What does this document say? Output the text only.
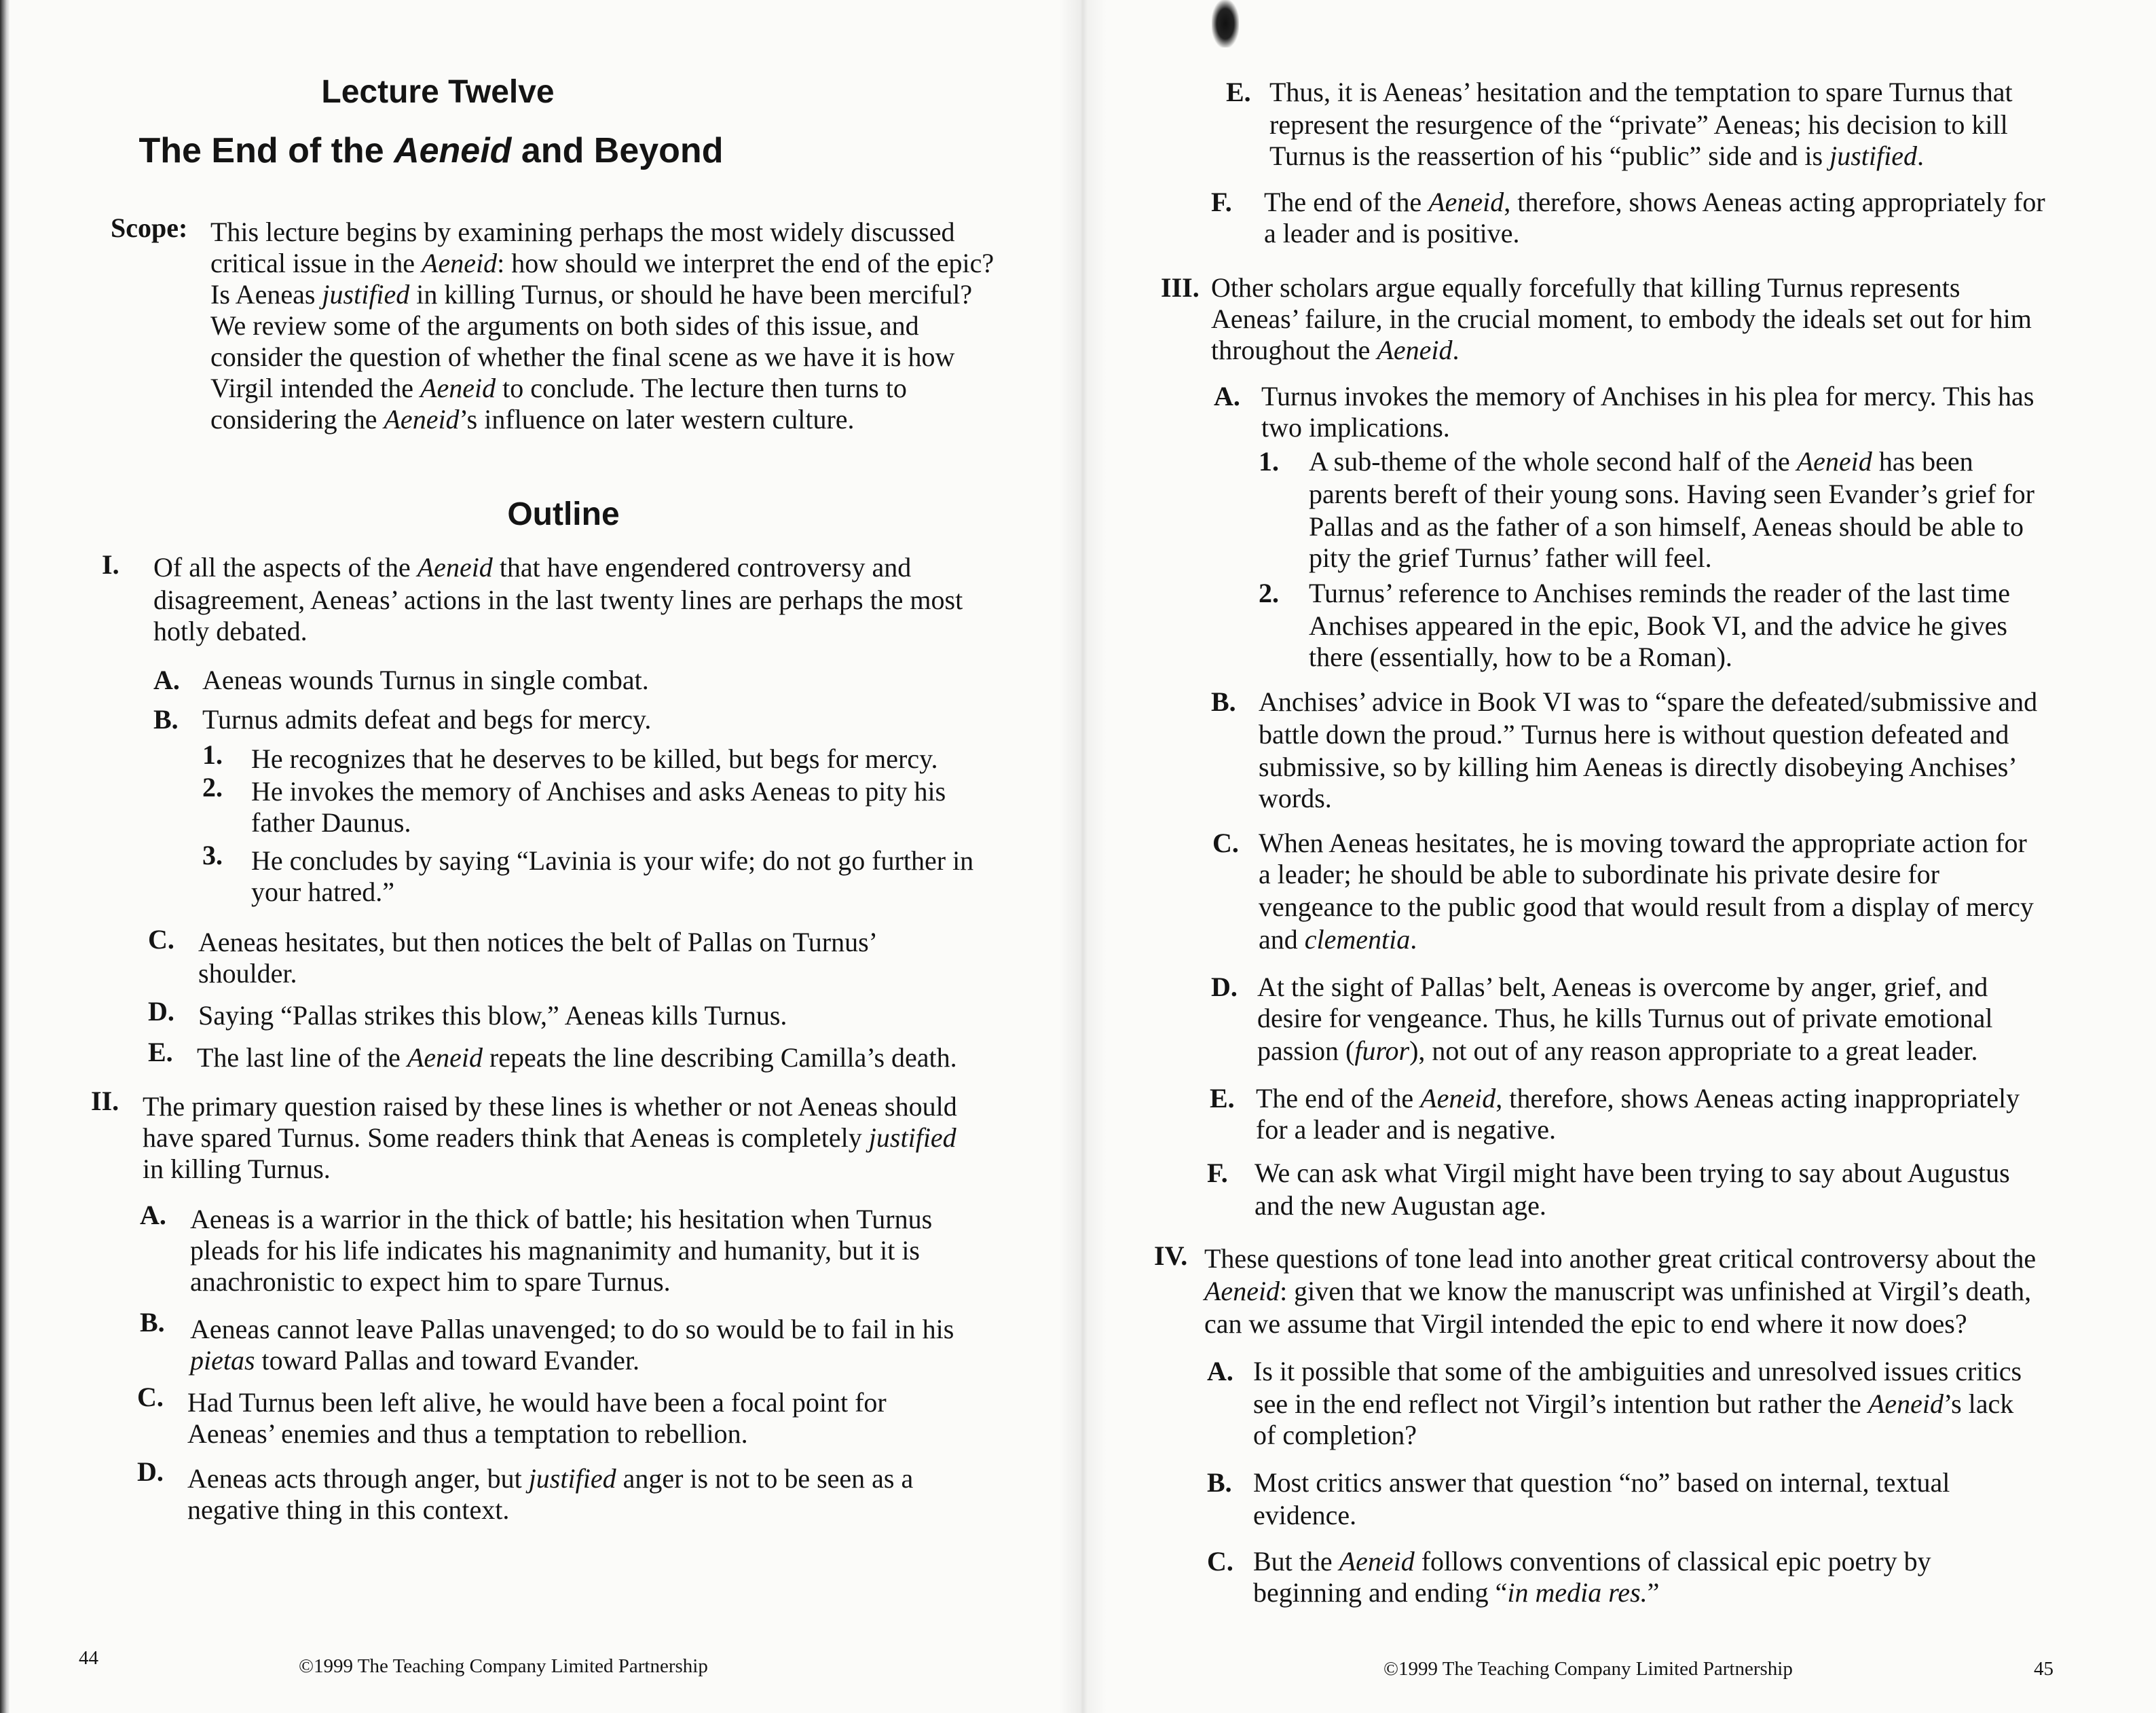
Lecture Twelve
The End of the Aeneid and Beyond
Scope: This lecture begins by examining perhaps the most widely discussed
critical issue in the Aeneid: how should we interpret the end of the epic?
Is Aeneas justified in killing Turnus, or should he have been merciful?
We review some of the arguments on both sides of this issue, and
consider the question of whether the final scene as we have it is how
Virgil intended the Aeneid to conclude. The lecture then turns to
considering the Aeneid’s influence on later western culture.
Outline
I. Of all the aspects of the Aeneid that have engendered controversy and
disagreement, Aeneas’ actions in the last twenty lines are perhaps the most
hotly debated.
A. Aeneas wounds Turnus in single combat.
B. Turnus admits defeat and begs for mercy.
1. He recognizes that he deserves to be killed, but begs for mercy.
2. He invokes the memory of Anchises and asks Aeneas to pity his
father Daunus.
3. He concludes by saying “Lavinia is your wife; do not go further in
your hatred.”
C. Aeneas hesitates, but then notices the belt of Pallas on Turnus’
shoulder.
D. Saying “Pallas strikes this blow,” Aeneas kills Turnus.
E. The last line of the Aeneid repeats the line describing Camilla’s death.
II. The primary question raised by these lines is whether or not Aeneas should
have spared Turnus. Some readers think that Aeneas is completely justified
in killing Turnus.
A. Aeneas is a warrior in the thick of battle; his hesitation when Turnus
pleads for his life indicates his magnanimity and humanity, but it is
anachronistic to expect him to spare Turnus.
B. Aeneas cannot leave Pallas unavenged; to do so would be to fail in his
pietas toward Pallas and toward Evander.
C. Had Turnus been left alive, he would have been a focal point for
Aeneas’ enemies and thus a temptation to rebellion.
D. Aeneas acts through anger, but justified anger is not to be seen as a
negative thing in this context.
44	©1999 The Teaching Company Limited Partnership
E. Thus, it is Aeneas’ hesitation and the temptation to spare Turnus that
represent the resurgence of the “private” Aeneas; his decision to kill
Turnus is the reassertion of his “public” side and is justified.
F. The end of the Aeneid, therefore, shows Aeneas acting appropriately for
a leader and is positive.
III. Other scholars argue equally forcefully that killing Turnus represents
Aeneas’ failure, in the crucial moment, to embody the ideals set out for him
throughout the Aeneid.
A. Turnus invokes the memory of Anchises in his plea for mercy. This has
two implications.
1. A sub-theme of the whole second half of the Aeneid has been
parents bereft of their young sons. Having seen Evander’s grief for
Pallas and as the father of a son himself, Aeneas should be able to
pity the grief Turnus’ father will feel.
2. Turnus’ reference to Anchises reminds the reader of the last time
Anchises appeared in the epic, Book VI, and the advice he gives
there (essentially, how to be a Roman).
B. Anchises’ advice in Book VI was to “spare the defeated/submissive and
battle down the proud.” Turnus here is without question defeated and
submissive, so by killing him Aeneas is directly disobeying Anchises’
words.
C. When Aeneas hesitates, he is moving toward the appropriate action for
a leader; he should be able to subordinate his private desire for
vengeance to the public good that would result from a display of mercy
and clementia.
D. At the sight of Pallas’ belt, Aeneas is overcome by anger, grief, and
desire for vengeance. Thus, he kills Turnus out of private emotional
passion (furor), not out of any reason appropriate to a great leader.
E. The end of the Aeneid, therefore, shows Aeneas acting inappropriately
for a leader and is negative.
F. We can ask what Virgil might have been trying to say about Augustus
and the new Augustan age.
IV. These questions of tone lead into another great critical controversy about the
Aeneid: given that we know the manuscript was unfinished at Virgil’s death,
can we assume that Virgil intended the epic to end where it now does?
A. Is it possible that some of the ambiguities and unresolved issues critics
see in the end reflect not Virgil’s intention but rather the Aeneid’s lack
of completion?
B. Most critics answer that question “no” based on internal, textual
evidence.
C. But the Aeneid follows conventions of classical epic poetry by
beginning and ending “in media res.”
©1999 The Teaching Company Limited Partnership	45
